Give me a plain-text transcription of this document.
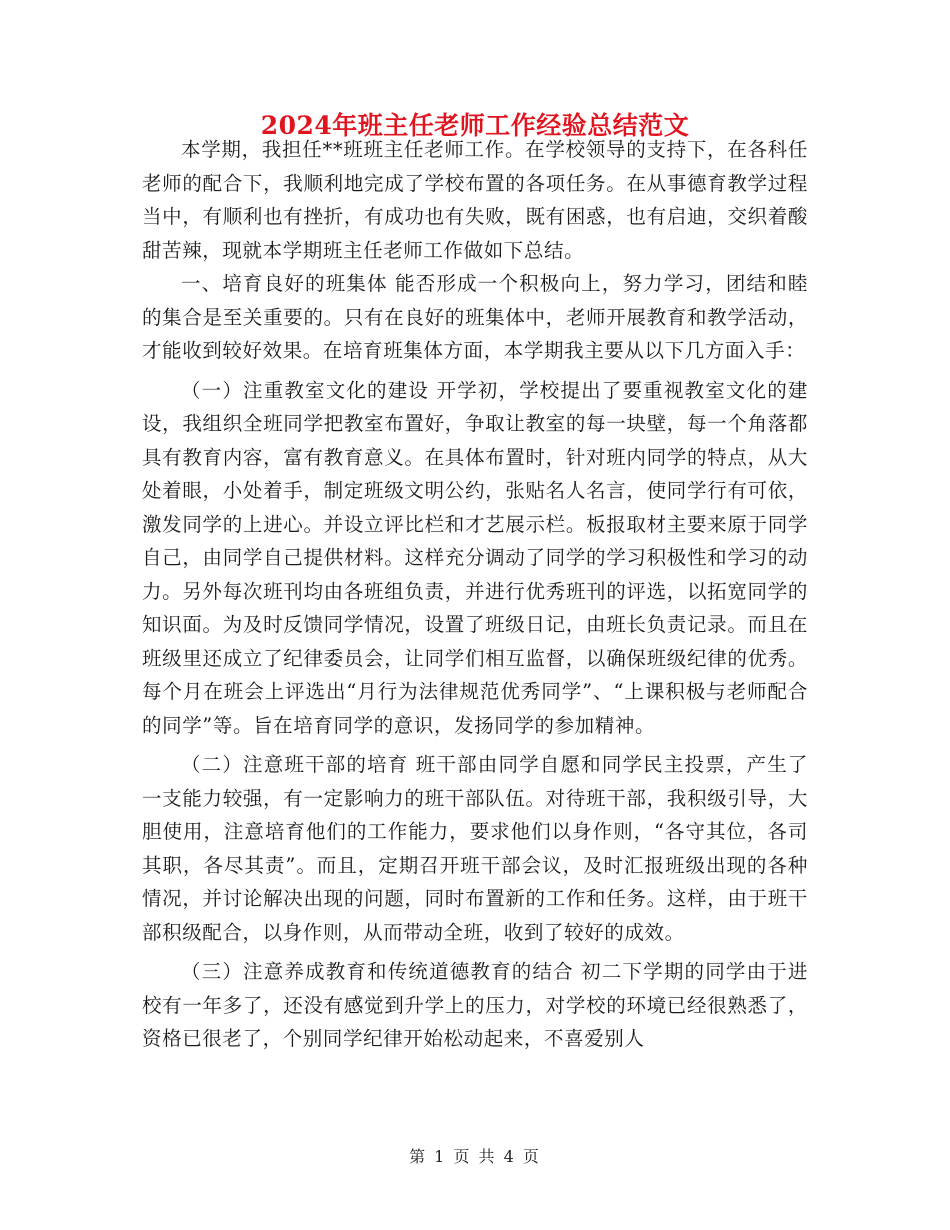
2024年班主任老师工作经验总结范文

本学期，我担任**班班主任老师工作。在学校领导的支持下，在各科任老师的配合下，我顺利地完成了学校布置的各项任务。在从事德育教学过程当中，有顺利也有挫折，有成功也有失败，既有困惑，也有启迪，交织着酸甜苦辣，现就本学期班主任老师工作做如下总结。

一、培育良好的班集体 能否形成一个积极向上，努力学习，团结和睦的集合是至关重要的。只有在良好的班集体中，老师开展教育和教学活动，才能收到较好效果。在培育班集体方面，本学期我主要从以下几方面入手：

（一）注重教室文化的建设 开学初，学校提出了要重视教室文化的建设，我组织全班同学把教室布置好，争取让教室的每一块壁，每一个角落都具有教育内容，富有教育意义。在具体布置时，针对班内同学的特点，从大处着眼，小处着手，制定班级文明公约，张贴名人名言，使同学行有可依，激发同学的上进心。并设立评比栏和才艺展示栏。板报取材主要来原于同学自己，由同学自己提供材料。这样充分调动了同学的学习积极性和学习的动力。另外每次班刊均由各班组负责，并进行优秀班刊的评选，以拓宽同学的知识面。为及时反馈同学情况，设置了班级日记，由班长负责记录。而且在班级里还成立了纪律委员会，让同学们相互监督，以确保班级纪律的优秀。每个月在班会上评选出“月行为法律规范优秀同学”、“上课积极与老师配合的同学”等。旨在培育同学的意识，发扬同学的参加精神。

（二）注意班干部的培育 班干部由同学自愿和同学民主投票，产生了一支能力较强，有一定影响力的班干部队伍。对待班干部，我积级引导，大胆使用，注意培育他们的工作能力，要求他们以身作则，“各守其位，各司其职，各尽其责”。而且，定期召开班干部会议，及时汇报班级出现的各种情况，并讨论解决出现的问题，同时布置新的工作和任务。这样，由于班干部积级配合，以身作则，从而带动全班，收到了较好的成效。

（三）注意养成教育和传统道德教育的结合 初二下学期的同学由于进校有一年多了，还没有感觉到升学上的压力，对学校的环境已经很熟悉了，资格已很老了，个别同学纪律开始松动起来，不喜爱别人

第 1 页 共 4 页
